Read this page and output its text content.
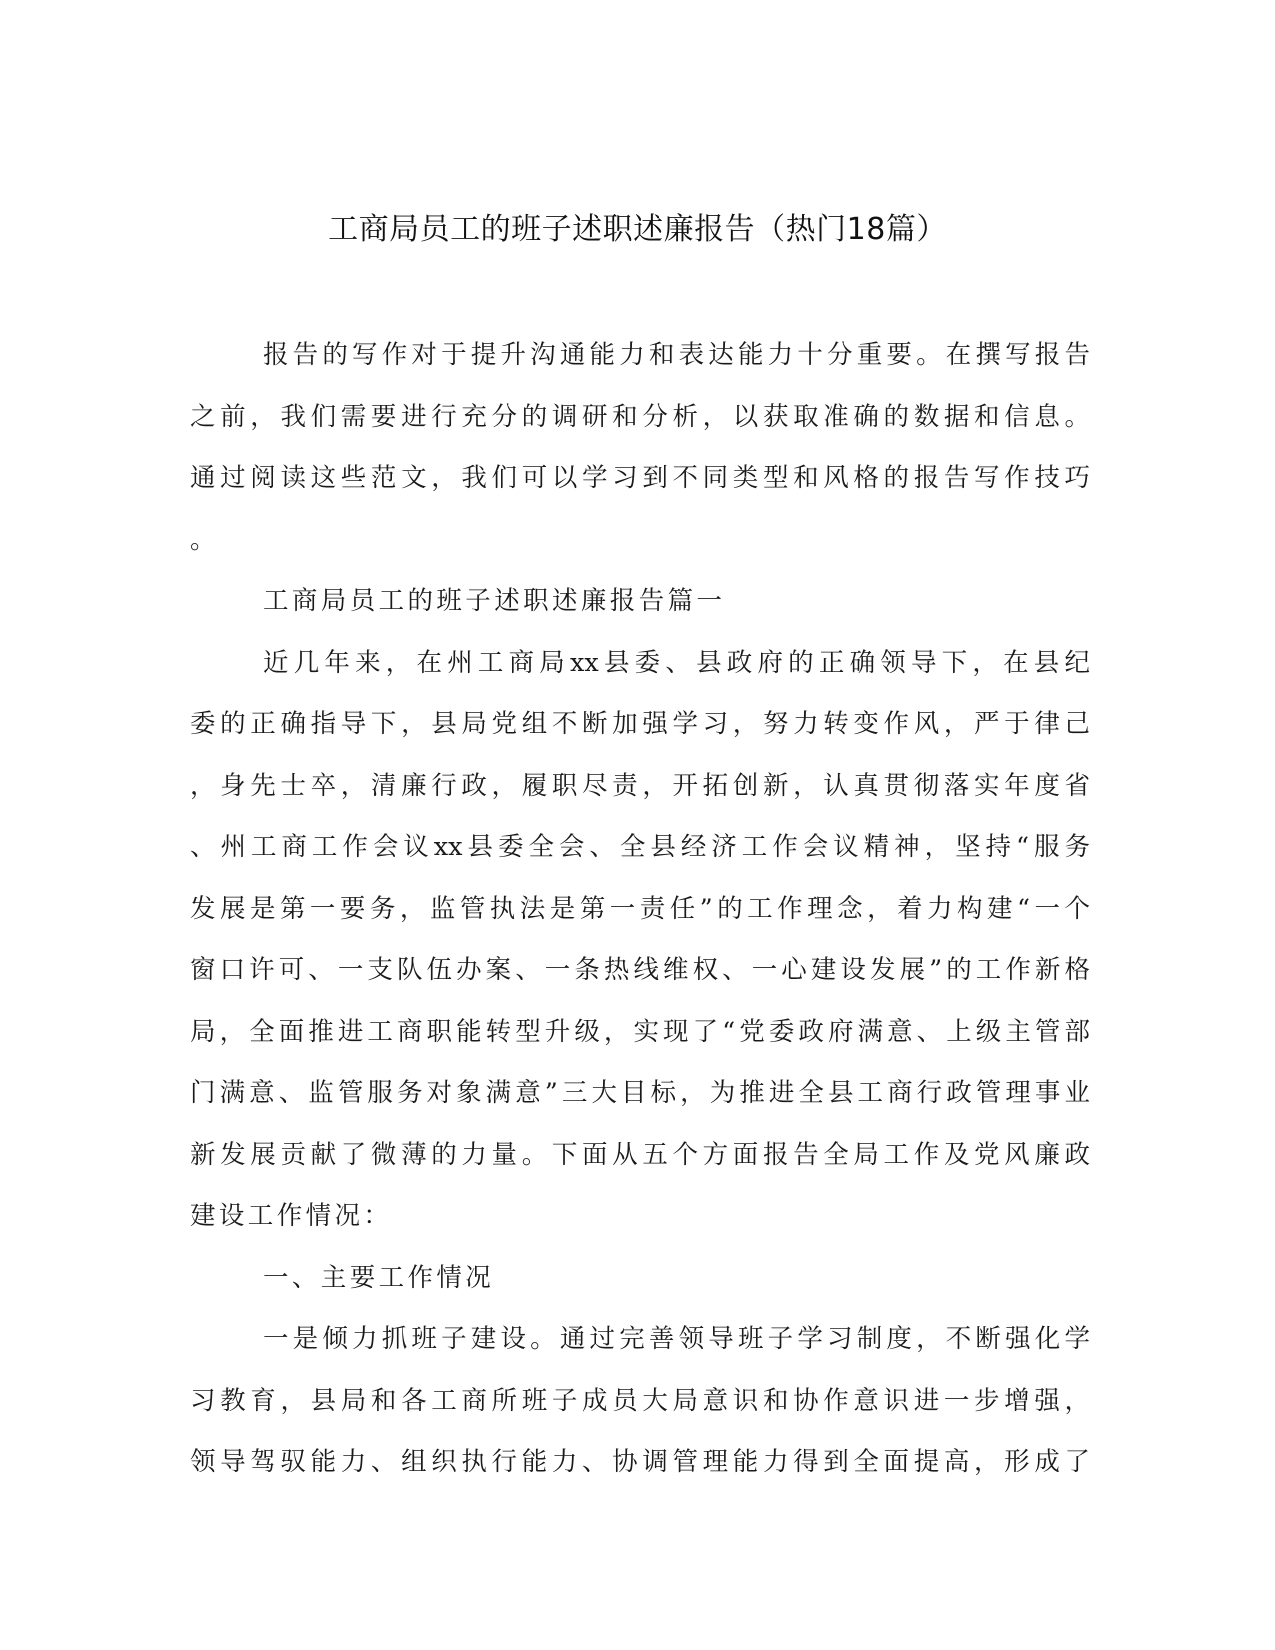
工商局员工的班子述职述廉报告（热门18篇）
报告的写作对于提升沟通能力和表达能力十分重要。在撰写报告
之前，我们需要进行充分的调研和分析，以获取准确的数据和信息。
通过阅读这些范文，我们可以学习到不同类型和风格的报告写作技巧
。
工商局员工的班子述职述廉报告篇一
近几年来，在州工商局xx县委、县政府的正确领导下，在县纪
委的正确指导下，县局党组不断加强学习，努力转变作风，严于律己
，身先士卒，清廉行政，履职尽责，开拓创新，认真贯彻落实年度省
、州工商工作会议xx县委全会、全县经济工作会议精神，坚持“服务
发展是第一要务，监管执法是第一责任”的工作理念，着力构建“一个
窗口许可、一支队伍办案、一条热线维权、一心建设发展”的工作新格
局，全面推进工商职能转型升级，实现了“党委政府满意、上级主管部
门满意、监管服务对象满意”三大目标，为推进全县工商行政管理事业
新发展贡献了微薄的力量。下面从五个方面报告全局工作及党风廉政
建设工作情况：
一、主要工作情况
一是倾力抓班子建设。通过完善领导班子学习制度，不断强化学
习教育，县局和各工商所班子成员大局意识和协作意识进一步增强，
领导驾驭能力、组织执行能力、协调管理能力得到全面提高，形成了
